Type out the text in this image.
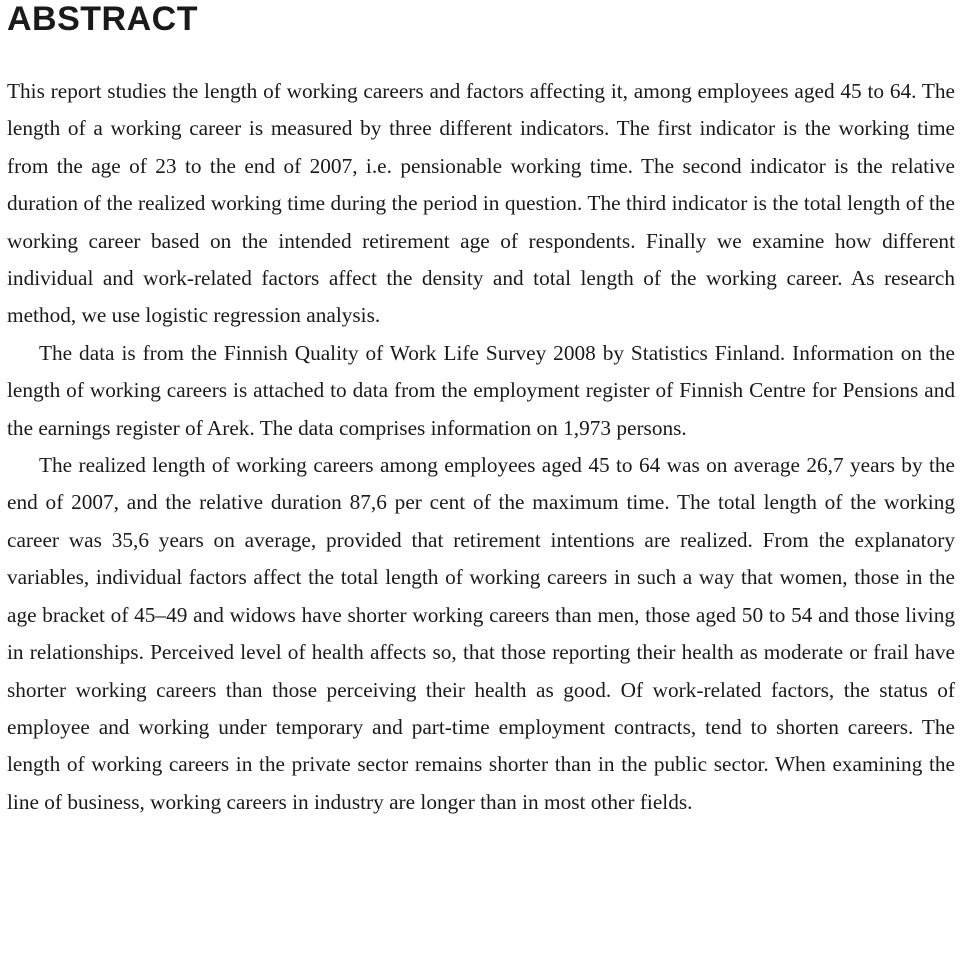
ABSTRACT

This report studies the length of working careers and factors affecting it, among employees aged 45 to 64. The length of a working career is measured by three different indicators. The first indicator is the working time from the age of 23 to the end of 2007, i.e. pensionable working time. The second indicator is the relative duration of the realized working time during the period in question. The third indicator is the total length of the working career based on the intended retirement age of respondents. Finally we examine how different individual and work-related factors affect the density and total length of the working career. As research method, we use logistic regression analysis.

The data is from the Finnish Quality of Work Life Survey 2008 by Statistics Finland. Information on the length of working careers is attached to data from the employment register of Finnish Centre for Pensions and the earnings register of Arek. The data comprises information on 1,973 persons.

The realized length of working careers among employees aged 45 to 64 was on average 26,7 years by the end of 2007, and the relative duration 87,6 per cent of the maximum time. The total length of the working career was 35,6 years on average, provided that retirement intentions are realized. From the explanatory variables, individual factors affect the total length of working careers in such a way that women, those in the age bracket of 45–49 and widows have shorter working careers than men, those aged 50 to 54 and those living in relationships. Perceived level of health affects so, that those reporting their health as moderate or frail have shorter working careers than those perceiving their health as good. Of work-related factors, the status of employee and working under temporary and part-time employment contracts, tend to shorten careers. The length of working careers in the private sector remains shorter than in the public sector. When examining the line of business, working careers in industry are longer than in most other fields.
